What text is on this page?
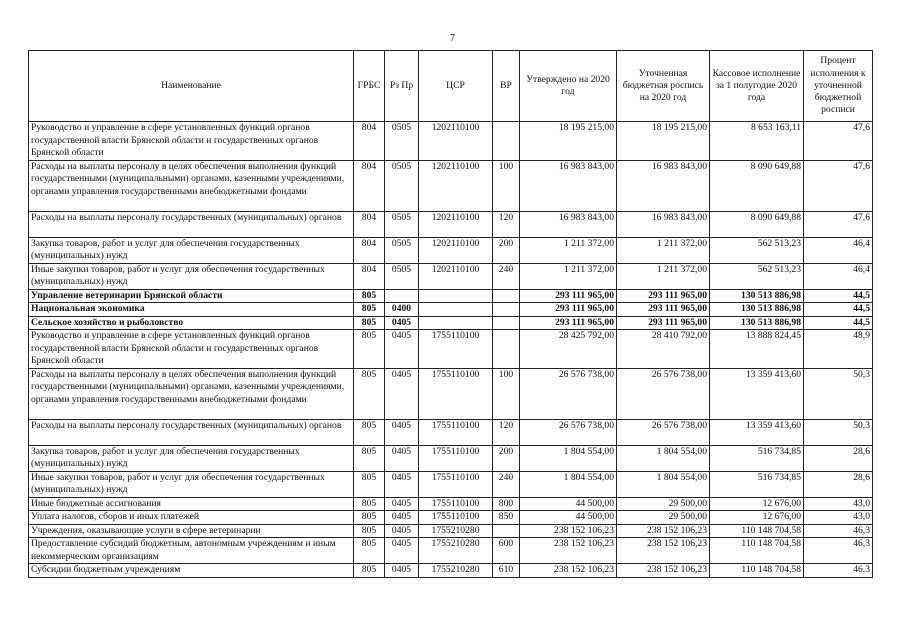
7
Наименование	ГРБС	Рз Пр	ЦСР	ВР	Утверждено на 2020 год	Уточненная бюджетная роспись на 2020 год	Кассовое исполнение за 1 полугодие 2020 года	Процент исполнения к уточненной бюджетной росписи
Руководство и управление в сфере установленных функций органов государственной власти Брянской области и государственных органов Брянской области	804	0505	1202110100		18 195 215,00	18 195 215,00	8 653 163,11	47,6
Расходы на выплаты персоналу в целях обеспечения выполнения функций государственными (муниципальными) органами, казенными учреждениями, органами управления государственными внебюджетными фондами	804	0505	1202110100	100	16 983 843,00	16 983 843,00	8 090 649,88	47,6
Расходы на выплаты персоналу государственных (муниципальных) органов	804	0505	1202110100	120	16 983 843,00	16 983 843,00	8 090 649,88	47,6
Закупка товаров, работ и услуг для обеспечения государственных (муниципальных) нужд	804	0505	1202110100	200	1 211 372,00	1 211 372,00	562 513,23	46,4
Иные закупки товаров, работ и услуг для обеспечения государственных (муниципальных) нужд	804	0505	1202110100	240	1 211 372,00	1 211 372,00	562 513,23	46,4
Управление ветеринарии Брянской области	805				293 111 965,00	293 111 965,00	130 513 886,98	44,5
Национальная экономика	805	0400			293 111 965,00	293 111 965,00	130 513 886,98	44,5
Сельское хозяйство и рыболовство	805	0405			293 111 965,00	293 111 965,00	130 513 886,98	44,5
Руководство и управление в сфере установленных функций органов государственной власти Брянской области и государственных органов Брянской области	805	0405	1755110100		28 425 792,00	28 410 792,00	13 888 824,45	48,9
Расходы на выплаты персоналу в целях обеспечения выполнения функций государственными (муниципальными) органами, казенными учреждениями, органами управления государственными внебюджетными фондами	805	0405	1755110100	100	26 576 738,00	26 576 738,00	13 359 413,60	50,3
Расходы на выплаты персоналу государственных (муниципальных) органов	805	0405	1755110100	120	26 576 738,00	26 576 738,00	13 359 413,60	50,3
Закупка товаров, работ и услуг для обеспечения государственных (муниципальных) нужд	805	0405	1755110100	200	1 804 554,00	1 804 554,00	516 734,85	28,6
Иные закупки товаров, работ и услуг для обеспечения государственных (муниципальных) нужд	805	0405	1755110100	240	1 804 554,00	1 804 554,00	516 734,85	28,6
Иные бюджетные ассигнования	805	0405	1755110100	800	44 500,00	29 500,00	12 676,00	43,0
Уплата налогов, сборов и иных платежей	805	0405	1755110100	850	44 500,00	29 500,00	12 676,00	43,0
Учреждения, оказывающие услуги в сфере ветеринарии	805	0405	1755210280		238 152 106,23	238 152 106,23	110 148 704,58	46,3
Предоставление субсидий бюджетным, автономным учреждениям и иным некоммерческим организациям	805	0405	1755210280	600	238 152 106,23	238 152 106,23	110 148 704,58	46,3
Субсидии бюджетным учреждениям	805	0405	1755210280	610	238 152 106,23	238 152 106,23	110 148 704,58	46,3
